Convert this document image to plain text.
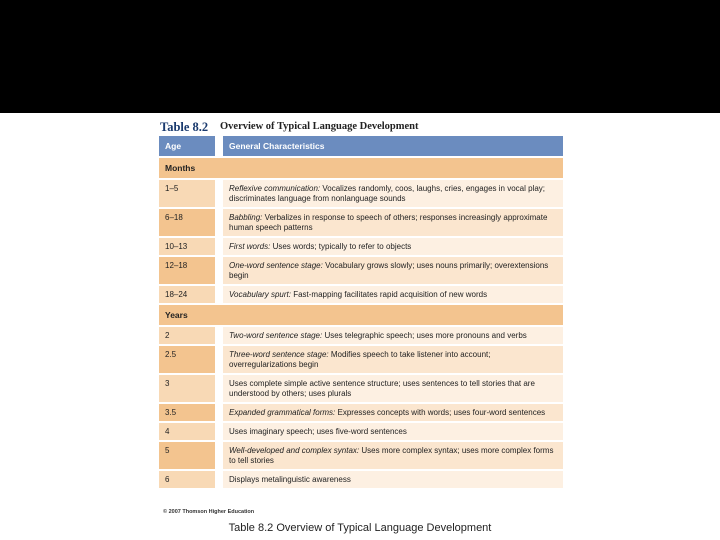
Table 8.2 Overview of Typical Language Development
Age	General Characteristics
Months	
1–5	Reflexive communication: Vocalizes randomly, coos, laughs, cries, engages in vocal play; discriminates language from nonlanguage sounds
6–18	Babbling: Verbalizes in response to speech of others; responses increasingly approximate human speech patterns
10–13	First words: Uses words; typically to refer to objects
12–18	One-word sentence stage: Vocabulary grows slowly; uses nouns primarily; overextensions begin
18–24	Vocabulary spurt: Fast-mapping facilitates rapid acquisition of new words
Years	
2	Two-word sentence stage: Uses telegraphic speech; uses more pronouns and verbs
2.5	Three-word sentence stage: Modifies speech to take listener into account; overregularizations begin
3	Uses complete simple active sentence structure; uses sentences to tell stories that are understood by others; uses plurals
3.5	Expanded grammatical forms: Expresses concepts with words; uses four-word sentences
4	Uses imaginary speech; uses five-word sentences
5	Well-developed and complex syntax: Uses more complex syntax; uses more complex forms to tell stories
6	Displays metalinguistic awareness
© 2007 Thomson Higher Education
Table 8.2 Overview of Typical Language Development
